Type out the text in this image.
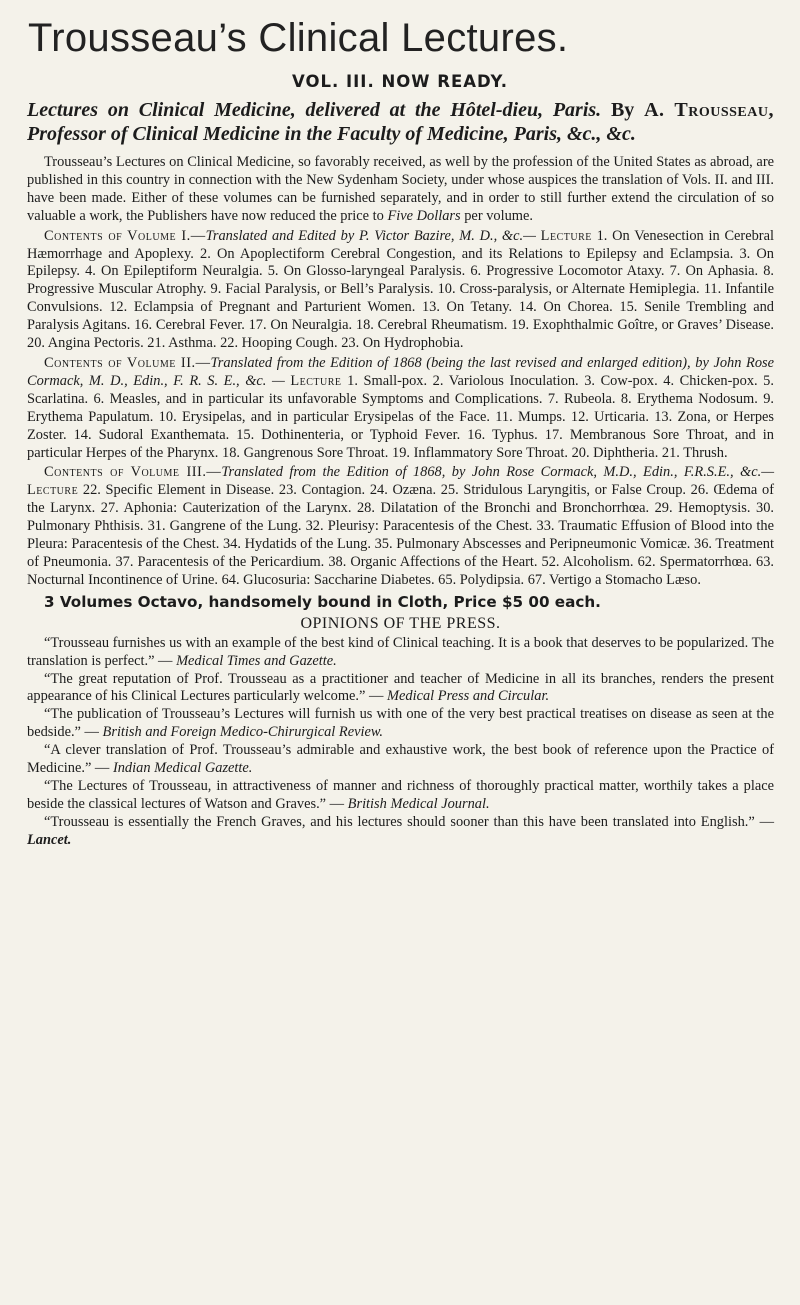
Trousseau’s Clinical Lectures.
VOL. III. NOW READY.
Lectures on Clinical Medicine, delivered at the Hôtel-dieu, Paris. By A. Trousseau, Professor of Clinical Medicine in the Faculty of Medicine, Paris, &c., &c.

Trousseau’s Lectures on Clinical Medicine, so favorably received, as well by the profession of the United States as abroad, are published in this country in connection with the New Sydenham Society, under whose auspices the translation of Vols. II. and III. have been made. Either of these volumes can be furnished separately, and in order to still further extend the circulation of so valuable a work, the Publishers have now reduced the price to Five Dollars per volume.

Contents of Volume I.—Translated and Edited by P. Victor Bazire, M. D., &c.— Lecture 1. On Venesection in Cerebral Hæmorrhage and Apoplexy. 2. On Apoplectiform Cerebral Congestion, and its Relations to Epilepsy and Eclampsia. 3. On Epilepsy. 4. On Epileptiform Neuralgia. 5. On Glosso-laryngeal Paralysis. 6. Progressive Locomotor Ataxy. 7. On Aphasia. 8. Progressive Muscular Atrophy. 9. Facial Paralysis, or Bell’s Paralysis. 10. Cross-paralysis, or Alternate Hemiplegia. 11. Infantile Convulsions. 12. Eclampsia of Pregnant and Parturient Women. 13. On Tetany. 14. On Chorea. 15. Senile Trembling and Paralysis Agitans. 16. Cerebral Fever. 17. On Neuralgia. 18. Cerebral Rheumatism. 19. Exophthalmic Goître, or Graves’ Disease. 20. Angina Pectoris. 21. Asthma. 22. Hooping Cough. 23. On Hydrophobia.

Contents of Volume II.—Translated from the Edition of 1868 (being the last revised and enlarged edition), by John Rose Cormack, M. D., Edin., F. R. S. E., &c. — Lecture 1. Small-pox. 2. Variolous Inoculation. 3. Cow-pox. 4. Chicken-pox. 5. Scarlatina. 6. Measles, and in particular its unfavorable Symptoms and Complications. 7. Rubeola. 8. Erythema Nodosum. 9. Erythema Papulatum. 10. Erysipelas, and in particular Erysipelas of the Face. 11. Mumps. 12. Urticaria. 13. Zona, or Herpes Zoster. 14. Sudoral Exanthemata. 15. Dothinenteria, or Typhoid Fever. 16. Typhus. 17. Membranous Sore Throat, and in particular Herpes of the Pharynx. 18. Gangrenous Sore Throat. 19. Inflammatory Sore Throat. 20. Diphtheria. 21. Thrush.

Contents of Volume III.—Translated from the Edition of 1868, by John Rose Cormack, M.D., Edin., F.R.S.E., &c.— Lecture 22. Specific Element in Disease. 23. Contagion. 24. Ozæna. 25. Stridulous Laryngitis, or False Croup. 26. Œdema of the Larynx. 27. Aphonia: Cauterization of the Larynx. 28. Dilatation of the Bronchi and Bronchorrhœa. 29. Hemoptysis. 30. Pulmonary Phthisis. 31. Gangrene of the Lung. 32. Pleurisy: Paracentesis of the Chest. 33. Traumatic Effusion of Blood into the Pleura: Paracentesis of the Chest. 34. Hydatids of the Lung. 35. Pulmonary Abscesses and Peripneumonic Vomicæ. 36. Treatment of Pneumonia. 37. Paracentesis of the Pericardium. 38. Organic Affections of the Heart. 52. Alcoholism. 62. Spermatorrhœa. 63. Nocturnal Incontinence of Urine. 64. Glucosuria: Saccharine Diabetes. 65. Polydipsia. 67. Vertigo a Stomacho Læso.

3 Volumes Octavo, handsomely bound in Cloth, Price $5 00 each.
OPINIONS OF THE PRESS.

“Trousseau furnishes us with an example of the best kind of Clinical teaching. It is a book that deserves to be popularized. The translation is perfect.” — Medical Times and Gazette.

“The great reputation of Prof. Trousseau as a practitioner and teacher of Medicine in all its branches, renders the present appearance of his Clinical Lectures particularly welcome.” — Medical Press and Circular.

“The publication of Trousseau’s Lectures will furnish us with one of the very best practical treatises on disease as seen at the bedside.” — British and Foreign Medico-Chirurgical Review.

“A clever translation of Prof. Trousseau’s admirable and exhaustive work, the best book of reference upon the Practice of Medicine.” — Indian Medical Gazette.

“The Lectures of Trousseau, in attractiveness of manner and richness of thoroughly practical matter, worthily takes a place beside the classical lectures of Watson and Graves.” — British Medical Journal.

“Trousseau is essentially the French Graves, and his lectures should sooner than this have been translated into English.” — Lancet.
